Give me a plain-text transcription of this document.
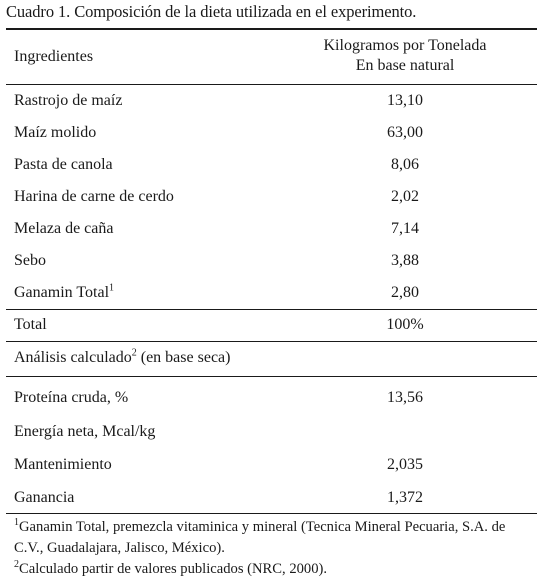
Cuadro 1. Composición de la dieta utilizada en el experimento.
Ingredientes
Kilogramos por Tonelada
En base natural
Rastrojo de maíz	13,10
Maíz molido	63,00
Pasta de canola	8,06
Harina de carne de cerdo	2,02
Melaza de caña	7,14
Sebo	3,88
Ganamin Total$^1$	2,80
Total	100%
Análisis calculado$^2$ (en base seca)
Proteína cruda, %	13,56
Energía neta, Mcal/kg
Mantenimiento	2,035
Ganancia	1,372

$^1$Ganamin Total, premezcla vitaminica y mineral (Tecnica Mineral Pecuaria, S.A. de C.V., Guadalajara, Jalisco, México).

$^2$Calculado partir de valores publicados (NRC, 2000).
